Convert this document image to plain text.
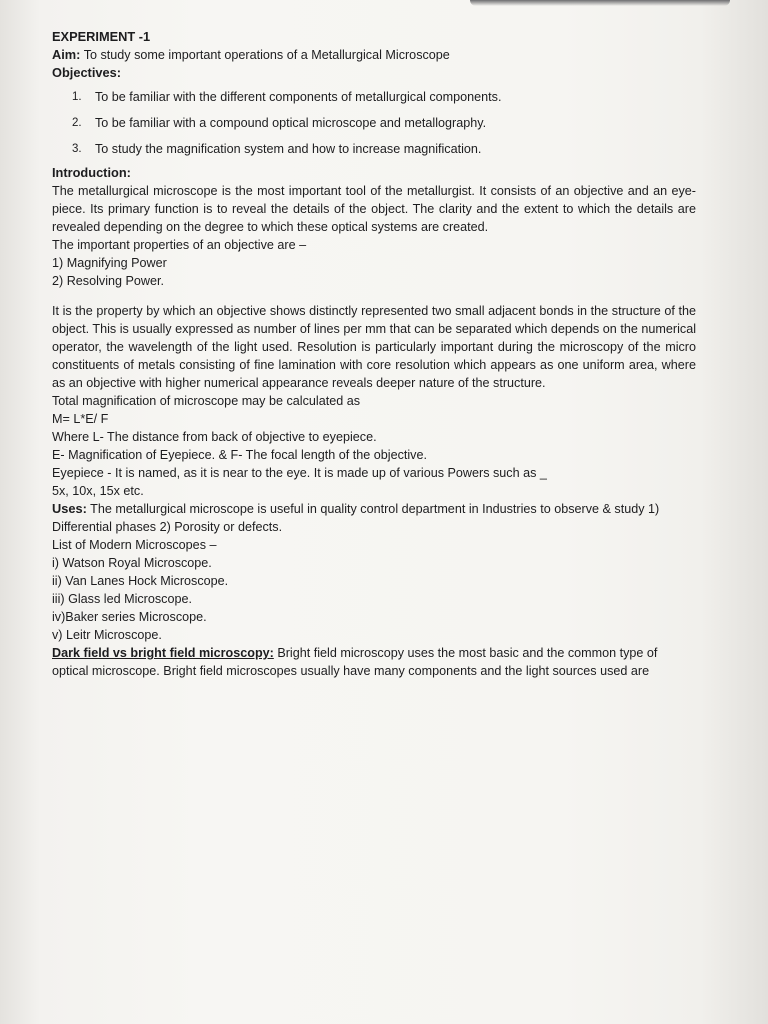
EXPERIMENT -1
Aim: To study some important operations of a Metallurgical Microscope
Objectives:
1.	To be familiar with the different components of metallurgical components.
2.	To be familiar with a compound optical microscope and metallography.
3.	To study the magnification system and how to increase magnification.
Introduction:

The metallurgical microscope is the most important tool of the metallurgist. It consists of an objective and an eye-piece. Its primary function is to reveal the details of the object. The clarity and the extent to which the details are revealed depending on the degree to which these optical systems are created.

The important properties of an objective are –
1) Magnifying Power
2) Resolving Power.

It is the property by which an objective shows distinctly represented two small adjacent bonds in the structure of the object. This is usually expressed as number of lines per mm that can be separated which depends on the numerical operator, the wavelength of the light used. Resolution is particularly important during the microscopy of the micro constituents of metals consisting of fine lamination with core resolution which appears as one uniform area, where as an objective with higher numerical appearance reveals deeper nature of the structure.

Total magnification of microscope may be calculated as
M= L*E/ F
Where L- The distance from back of objective to eyepiece.
E- Magnification of Eyepiece. & F- The focal length of the objective.
Eyepiece - It is named, as it is near to the eye. It is made up of various Powers such as _
5x, 10x, 15x etc.

Uses: The metallurgical microscope is useful in quality control department in Industries to observe & study 1) Differential phases 2) Porosity or defects.

List of Modern Microscopes –
i) Watson Royal Microscope.
ii) Van Lanes Hock Microscope.
iii) Glass led Microscope.
iv)Baker series Microscope.
v) Leitr Microscope.

Dark field vs bright field microscopy: Bright field microscopy uses the most basic and the common type of optical microscope. Bright field microscopes usually have many components and the light sources used are
